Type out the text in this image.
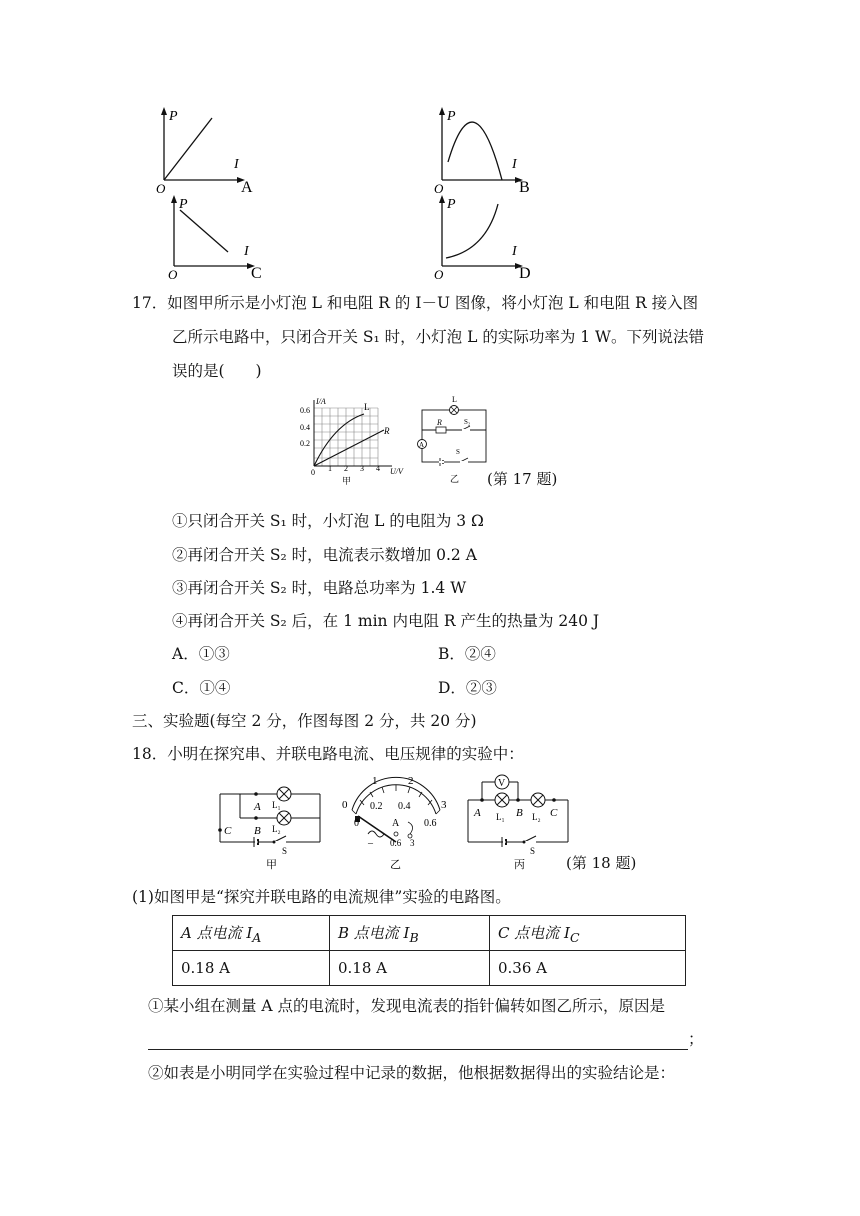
P
I
O	A
P
I
O	B
P
I
O	C
P
I
O	D
17．如图甲所示是小灯泡 L 和电阻 R 的 I－U 图像，将小灯泡 L 和电阻 R 接入图
乙所示电路中，只闭合开关 S₁ 时，小灯泡 L 的实际功率为 1 W。下列说法错
误的是(　　)
I/A
0.6
0.4
0.2
0 1 2 3 4 U/V
L
R
甲
L
R	S₂
A
S
乙 (第 17 题)
①只闭合开关 S₁ 时，小灯泡 L 的电阻为 3 Ω
②再闭合开关 S₂ 时，电流表示数增加 0.2 A
③再闭合开关 S₂ 时，电路总功率为 1.4 W
④再闭合开关 S₂ 后，在 1 min 内电阻 R 产生的热量为 240 J
A．①③	B．②④
C．①④	D．②③
三、实验题(每空 2 分，作图每图 2 分，共 20 分)
18．小明在探究串、并联电路电流、电压规律的实验中：
A
B
C
L₁
L₂
S
甲
1	2
0	3
0.2 0.4
0	0.6
A
– 0.6 3
乙
V
A	B C
L₁	L₂
S
丙	(第 18 题)
(1)如图甲是“探究并联电路的电流规律”实验的电路图。
A 点电流 $I_A$	B 点电流 $I_B$	C 点电流 $I_C$
0.18 A	0.18 A	0.36 A
①某小组在测量 A 点的电流时，发现电流表的指针偏转如图乙所示，原因是
；
②如表是小明同学在实验过程中记录的数据，他根据数据得出的实验结论是：
